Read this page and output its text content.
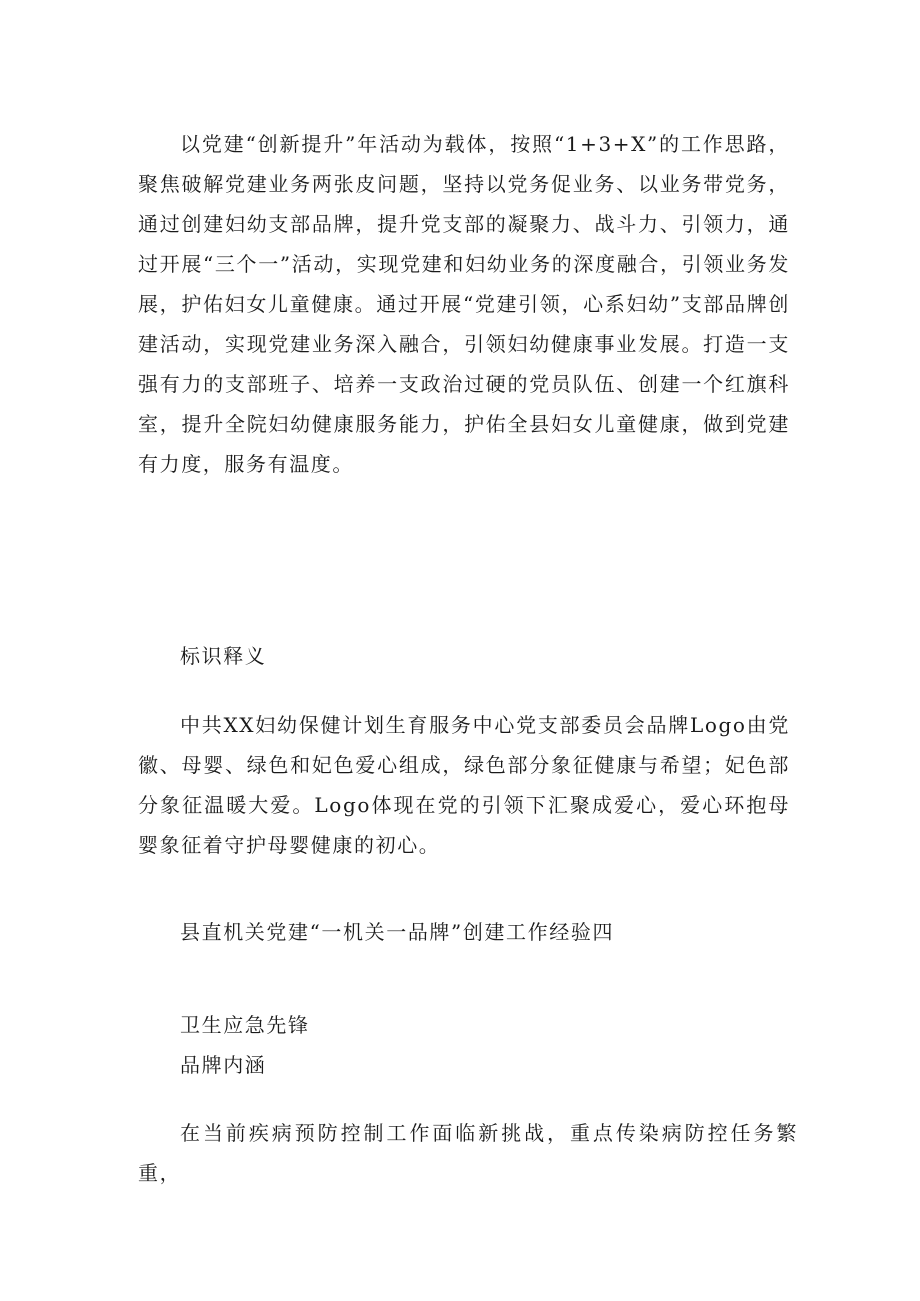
以党建“创新提升”年活动为载体，按照“1+3+X”的工作思路，聚焦破解党建业务两张皮问题，坚持以党务促业务、以业务带党务，通过创建妇幼支部品牌，提升党支部的凝聚力、战斗力、引领力，通过开展“三个一”活动，实现党建和妇幼业务的深度融合，引领业务发展，护佑妇女儿童健康。通过开展“党建引领，心系妇幼”支部品牌创建活动，实现党建业务深入融合，引领妇幼健康事业发展。打造一支强有力的支部班子、培养一支政治过硬的党员队伍、创建一个红旗科室，提升全院妇幼健康服务能力，护佑全县妇女儿童健康，做到党建有力度，服务有温度。

标识释义

中共XX妇幼保健计划生育服务中心党支部委员会品牌Logo由党徽、母婴、绿色和妃色爱心组成，绿色部分象征健康与希望；妃色部分象征温暖大爱。Logo体现在党的引领下汇聚成爱心，爱心环抱母婴象征着守护母婴健康的初心。

县直机关党建“一机关一品牌”创建工作经验四

卫生应急先锋

品牌内涵

在当前疾病预防控制工作面临新挑战，重点传染病防控任务繁重，
